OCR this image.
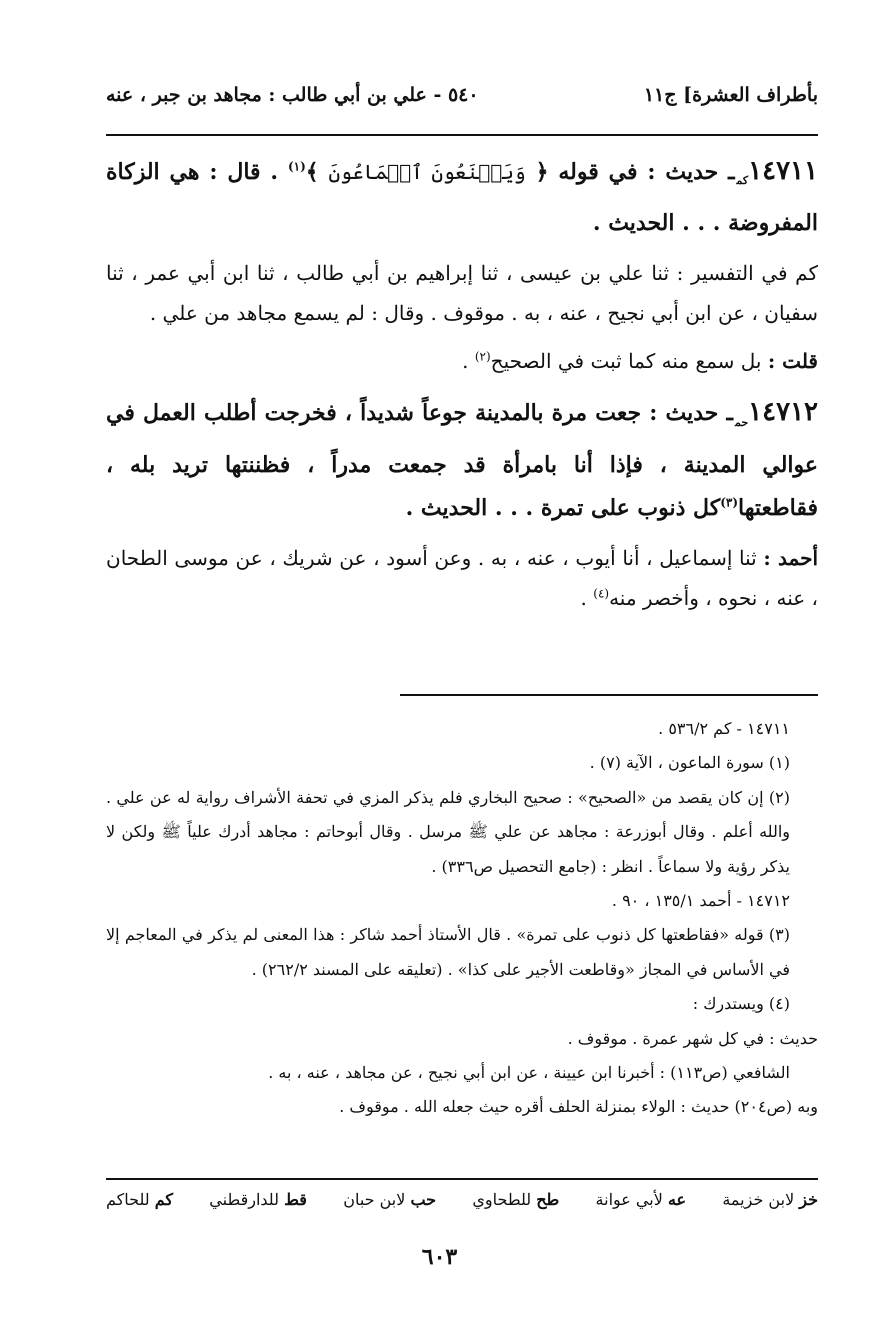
بأطراف العشرة] ج١١
٥٤٠ - علي بن أبي طالب : مجاهد بن جبر ، عنه

$١٤٧١١_{كم}ـ$ حديث : في قوله ﴿ وَيَمۡنَعُونَ ٱلۡمَاعُونَ ﴾$^{(١)}$ . قال : هي الزكاة المفروضة . . . الحديث .

كم في التفسير : ثنا علي بن عيسى ، ثنا إبراهيم بن أبي طالب ، ثنا ابن أبي عمر ، ثنا سفيان ، عن ابن أبي نجيح ، عنه ، به . موقوف . وقال : لم يسمع مجاهد من علي .

قلت : بل سمع منه كما ثبت في الصحيح$^{(٢)}$ .

$١٤٧١٢_{حم}ـ$ حديث : جعت مرة بالمدينة جوعاً شديداً ، فخرجت أطلب العمل في عوالي المدينة ، فإذا أنا بامرأة قد جمعت مدراً ، فظننتها تريد بله ، فقاطعتها$^{(٣)}$كل ذنوب على تمرة . . . الحديث .

أحمد : ثنا إسماعيل ، أنا أيوب ، عنه ، به . وعن أسود ، عن شريك ، عن موسى الطحان ، عنه ، نحوه ، وأخصر منه$^{(٤)}$ .

١٤٧١١ - كم ٥٣٦/٢ .

(١) سورة الماعون ، الآية (٧) .

(٢) إن كان يقصد من «الصحيح» : صحيح البخاري فلم يذكر المزي في تحفة الأشراف رواية له عن علي . والله أعلم . وقال أبوزرعة : مجاهد عن علي ﷺ مرسل . وقال أبوحاتم : مجاهد أدرك علياً ﷺ ولكن لا يذكر رؤية ولا سماعاً . انظر : (جامع التحصيل ص٣٣٦) .

١٤٧١٢ - أحمد ١٣٥/١ ، ٩٠ .

(٣) قوله «فقاطعتها كل ذنوب على تمرة» . قال الأستاذ أحمد شاكر : هذا المعنى لم يذكر في المعاجم إلا في الأساس في المجاز «وقاطعت الأجير على كذا» . (تعليقه على المسند ٢٦٢/٢) .

(٤) ويستدرك :

حديث : في كل شهر عمرة . موقوف .

الشافعي (ص١١٣) : أخبرنا ابن عيينة ، عن ابن أبي نجيح ، عن مجاهد ، عنه ، به .

وبه (ص٢٠٤) حديث : الولاء بمنزلة الحلف أقره حيث جعله الله . موقوف .

خز لابن خزيمة
عه لأبي عوانة
طح للطحاوي
حب لابن حبان
قط للدارقطني
كم للحاكم
٦٠٣
